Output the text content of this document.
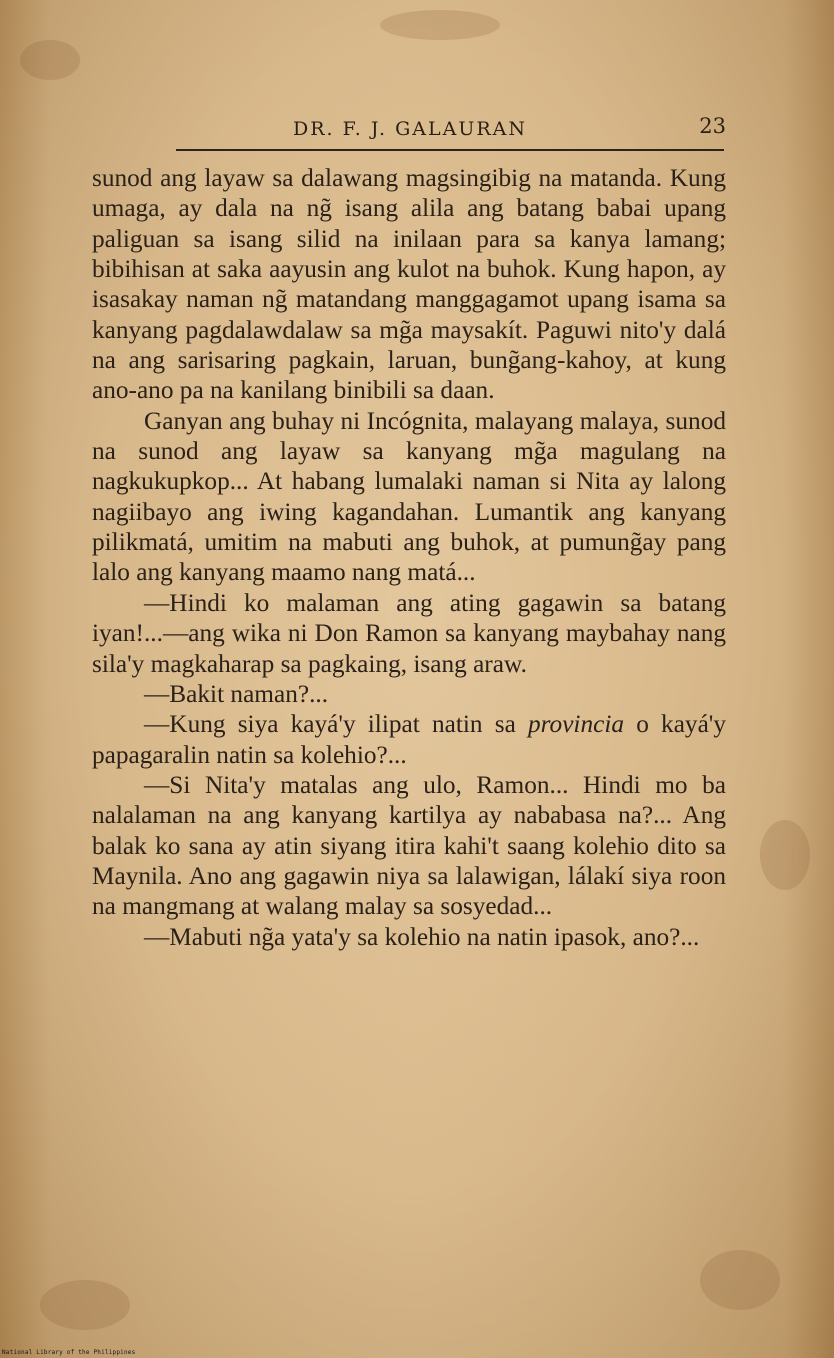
DR. F. J. GALAURAN	23

sunod ang layaw sa dalawang magsingibig na matanda. Kung umaga, ay dala na ng̃ isang alila ang batang babai upang paliguan sa isang silid na inilaan para sa kanya lamang; bibihisan at saka aayusin ang kulot na buhok. Kung hapon, ay isasakay naman ng̃ matandang manggagamot upang isama sa kanyang pagdalawdalaw sa mg̃a maysakít. Paguwi nito'y dalá na ang sarisaring pagkain, laruan, bung̃ang-kahoy, at kung ano-ano pa na kanilang binibili sa daan.

Ganyan ang buhay ni Incógnita, malayang malaya, sunod na sunod ang layaw sa kanyang mg̃a magulang na nagkukupkop... At habang lumalaki naman si Nita ay lalong nagiibayo ang iwing kagandahan. Lumantik ang kanyang pilikmatá, umitim na mabuti ang buhok, at pumung̃ay pang lalo ang kanyang maamo nang matá...

—Hindi ko malaman ang ating gagawin sa batang iyan!...—ang wika ni Don Ramon sa kanyang maybahay nang sila'y magkaharap sa pagkaing, isang araw.

—Bakit naman?...

—Kung siya kayá'y ilipat natin sa provincia o kayá'y papagaralin natin sa kolehio?...

—Si Nita'y matalas ang ulo, Ramon... Hindi mo ba nalalaman na ang kanyang kartilya ay nababasa na?... Ang balak ko sana ay atin siyang itira kahi't saang kolehio dito sa Maynila. Ano ang gagawin niya sa lalawigan, lálakí siya roon na mangmang at walang malay sa sosyedad...

—Mabuti ng̃a yata'y sa kolehio na natin ipasok, ano?...

National Library of the Philippines
